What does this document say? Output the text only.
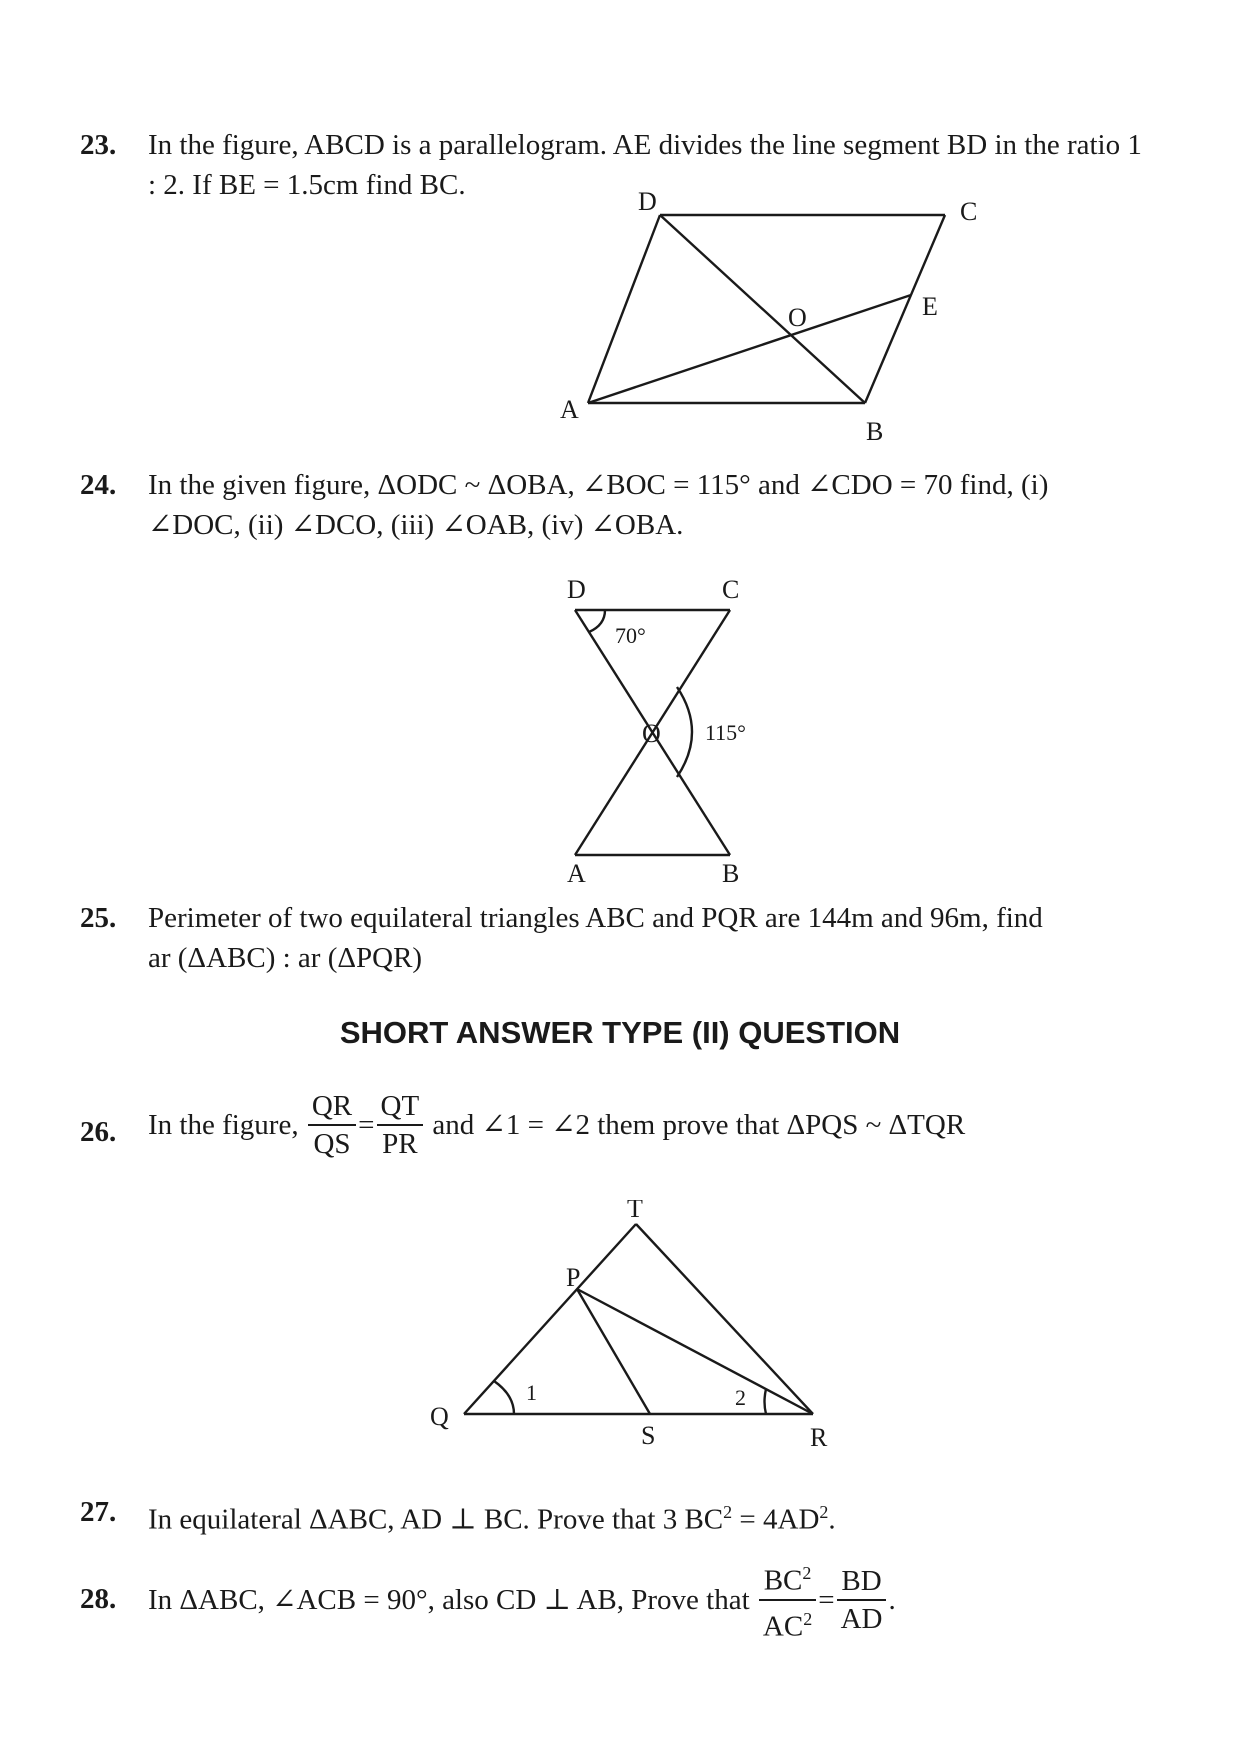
23. In the figure, ABCD is a parallelogram. AE divides the line segment BD in the ratio 1
: 2. If BE = 1.5cm find BC.
D	C
O	E
A
B
24. In the given figure, ΔODC ~ ΔOBA, ∠BOC = 115° and ∠CDO = 70 find, (i)
∠DOC, (ii) ∠DCO, (iii) ∠OAB, (iv) ∠OBA.
D	C
O
A	B
70°
115°
25. Perimeter of two equilateral triangles ABC and PQR are 144m and 96m, find
ar (ΔABC) : ar (ΔPQR)
SHORT ANSWER TYPE (II) QUESTION
26. In the figure, $\frac{QR}{QS} = \frac{QT}{PR}$ and ∠1 = ∠2 them prove that ΔPQS ~ ΔTQR
T
P
Q
S	R
1	2
27. In equilateral ΔABC, AD ⊥ BC. Prove that 3 $BC^2 = 4AD^2$.
28. In ΔABC, ∠ACB = 90°, also CD ⊥ AB, Prove that $\frac{BC^2}{AC^2} = \frac{BD}{AD}$ .
